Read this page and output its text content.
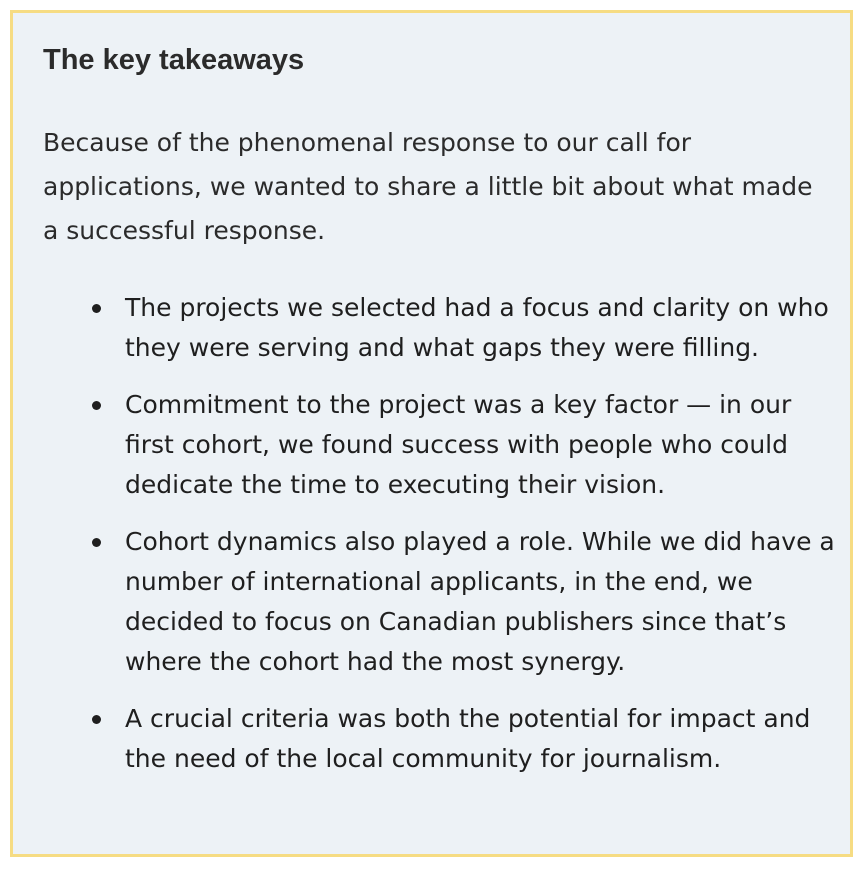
The key takeaways

Because of the phenomenal response to our call for applications, we wanted to share a little bit about what made a successful response.

The projects we selected had a focus and clarity on who they were serving and what gaps they were filling.
Commitment to the project was a key factor — in our first cohort, we found success with people who could dedicate the time to executing their vision.
Cohort dynamics also played a role. While we did have a number of international applicants, in the end, we decided to focus on Canadian publishers since that’s where the cohort had the most synergy.
A crucial criteria was both the potential for impact and the need of the local community for journalism.
